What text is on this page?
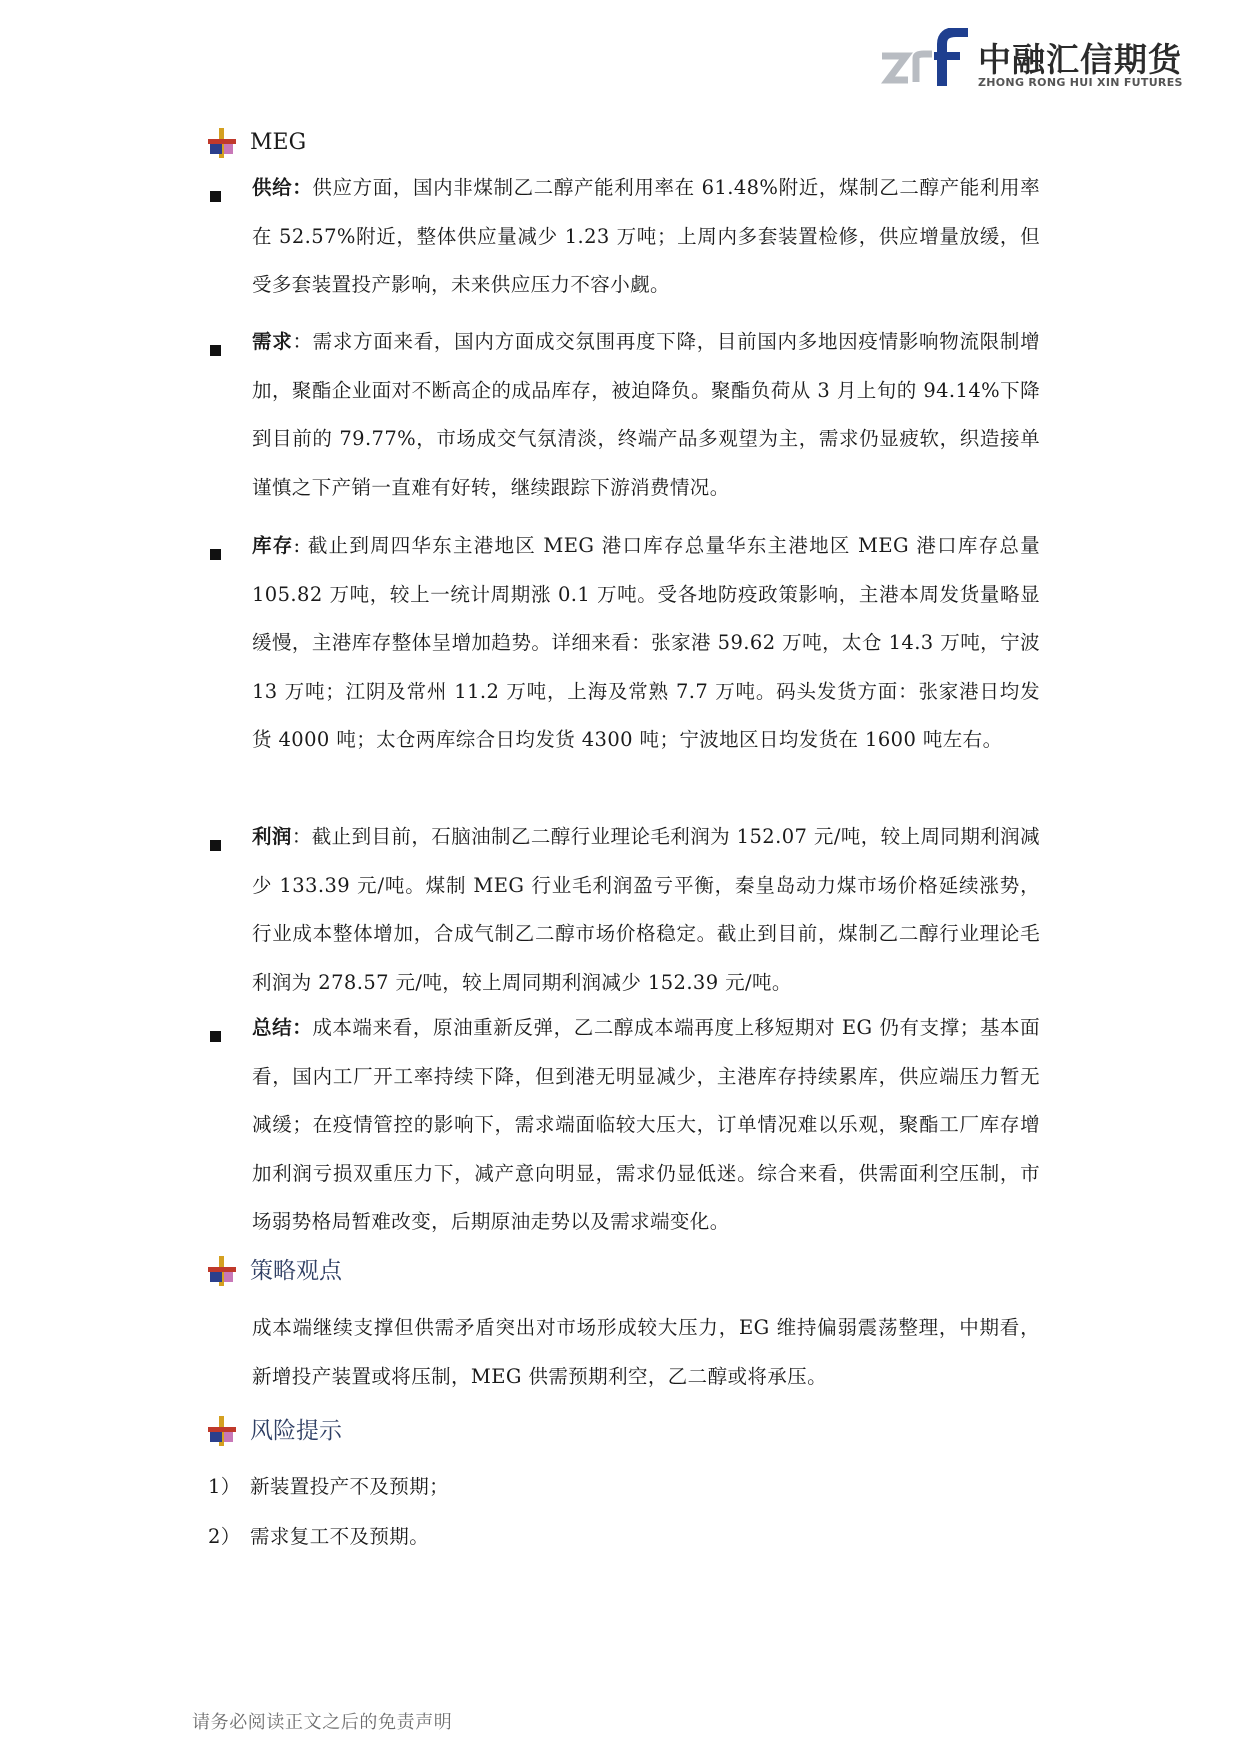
中融汇信期货
ZHONG RONG HUI XIN FUTURES
MEG
供给：供应方面，国内非煤制乙二醇产能利用率在 61.48%附近，煤制乙二醇产能利用率在 52.57%附近，整体供应量减少 1.23 万吨；上周内多套装置检修，供应增量放缓，但受多套装置投产影响，未来供应压力不容小觑。
需求：需求方面来看，国内方面成交氛围再度下降，目前国内多地因疫情影响物流限制增加，聚酯企业面对不断高企的成品库存，被迫降负。聚酯负荷从 3 月上旬的 94.14%下降到目前的 79.77%，市场成交气氛清淡，终端产品多观望为主，需求仍显疲软，织造接单谨慎之下产销一直难有好转，继续跟踪下游消费情况。
库存: 截止到周四华东主港地区 MEG 港口库存总量华东主港地区 MEG 港口库存总量 105.82 万吨，较上一统计周期涨 0.1 万吨。受各地防疫政策影响，主港本周发货量略显缓慢，主港库存整体呈增加趋势。详细来看：张家港 59.62 万吨，太仓 14.3 万吨，宁波 13 万吨；江阴及常州 11.2 万吨，上海及常熟 7.7 万吨。码头发货方面：张家港日均发货 4000 吨；太仓两库综合日均发货 4300 吨；宁波地区日均发货在 1600 吨左右。
利润：截止到目前，石脑油制乙二醇行业理论毛利润为 152.07 元/吨，较上周同期利润减少 133.39 元/吨。煤制 MEG 行业毛利润盈亏平衡，秦皇岛动力煤市场价格延续涨势，行业成本整体增加，合成气制乙二醇市场价格稳定。截止到目前，煤制乙二醇行业理论毛利润为 278.57 元/吨，较上周同期利润减少 152.39 元/吨。
总结：成本端来看，原油重新反弹，乙二醇成本端再度上移短期对 EG 仍有支撑；基本面看，国内工厂开工率持续下降，但到港无明显减少，主港库存持续累库，供应端压力暂无减缓；在疫情管控的影响下，需求端面临较大压大，订单情况难以乐观，聚酯工厂库存增加利润亏损双重压力下，减产意向明显，需求仍显低迷。综合来看，供需面利空压制，市场弱势格局暂难改变，后期原油走势以及需求端变化。
策略观点
成本端继续支撑但供需矛盾突出对市场形成较大压力，EG 维持偏弱震荡整理，中期看，新增投产装置或将压制，MEG 供需预期利空，乙二醇或将承压。
风险提示
1） 新装置投产不及预期；
2） 需求复工不及预期。
请务必阅读正文之后的免责声明
